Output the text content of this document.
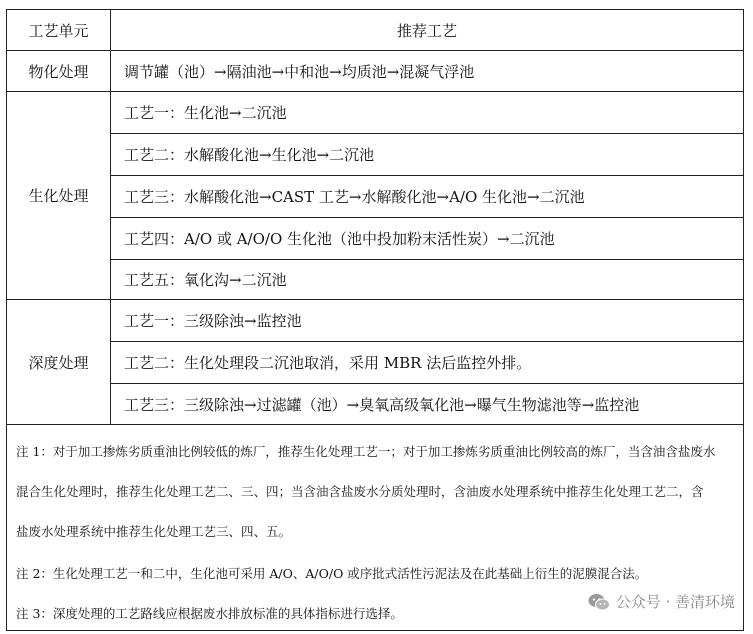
工艺单元	推荐工艺
物化处理	调节罐（池）→隔油池→中和池→均质池→混凝气浮池
生化处理
工艺一：生化池→二沉池
工艺二：水解酸化池→生化池→二沉池
工艺三：水解酸化池→CAST 工艺→水解酸化池→A/O 生化池→二沉池
工艺四：A/O 或 A/O/O 生化池（池中投加粉末活性炭）→二沉池
工艺五：氧化沟→二沉池
深度处理
工艺一：三级除浊→监控池
工艺二：生化处理段二沉池取消，采用 MBR 法后监控外排。
工艺三：三级除浊→过滤罐（池）→臭氧高级氧化池→曝气生物滤池等→监控池
注 1：对于加工掺炼劣质重油比例较低的炼厂，推荐生化处理工艺一；对于加工掺炼劣质重油比例较高的炼厂，当含油含盐废水
混合生化处理时，推荐生化处理工艺二、三、四；当含油含盐废水分质处理时，含油废水处理系统中推荐生化处理工艺二，含
盐废水处理系统中推荐生化处理工艺三、四、五。
注 2：生化处理工艺一和二中，生化池可采用 A/O、A/O/O 或序批式活性污泥法及在此基础上衍生的泥膜混合法。
注 3：深度处理的工艺路线应根据废水排放标准的具体指标进行选择。
公众号 · 善清环境
